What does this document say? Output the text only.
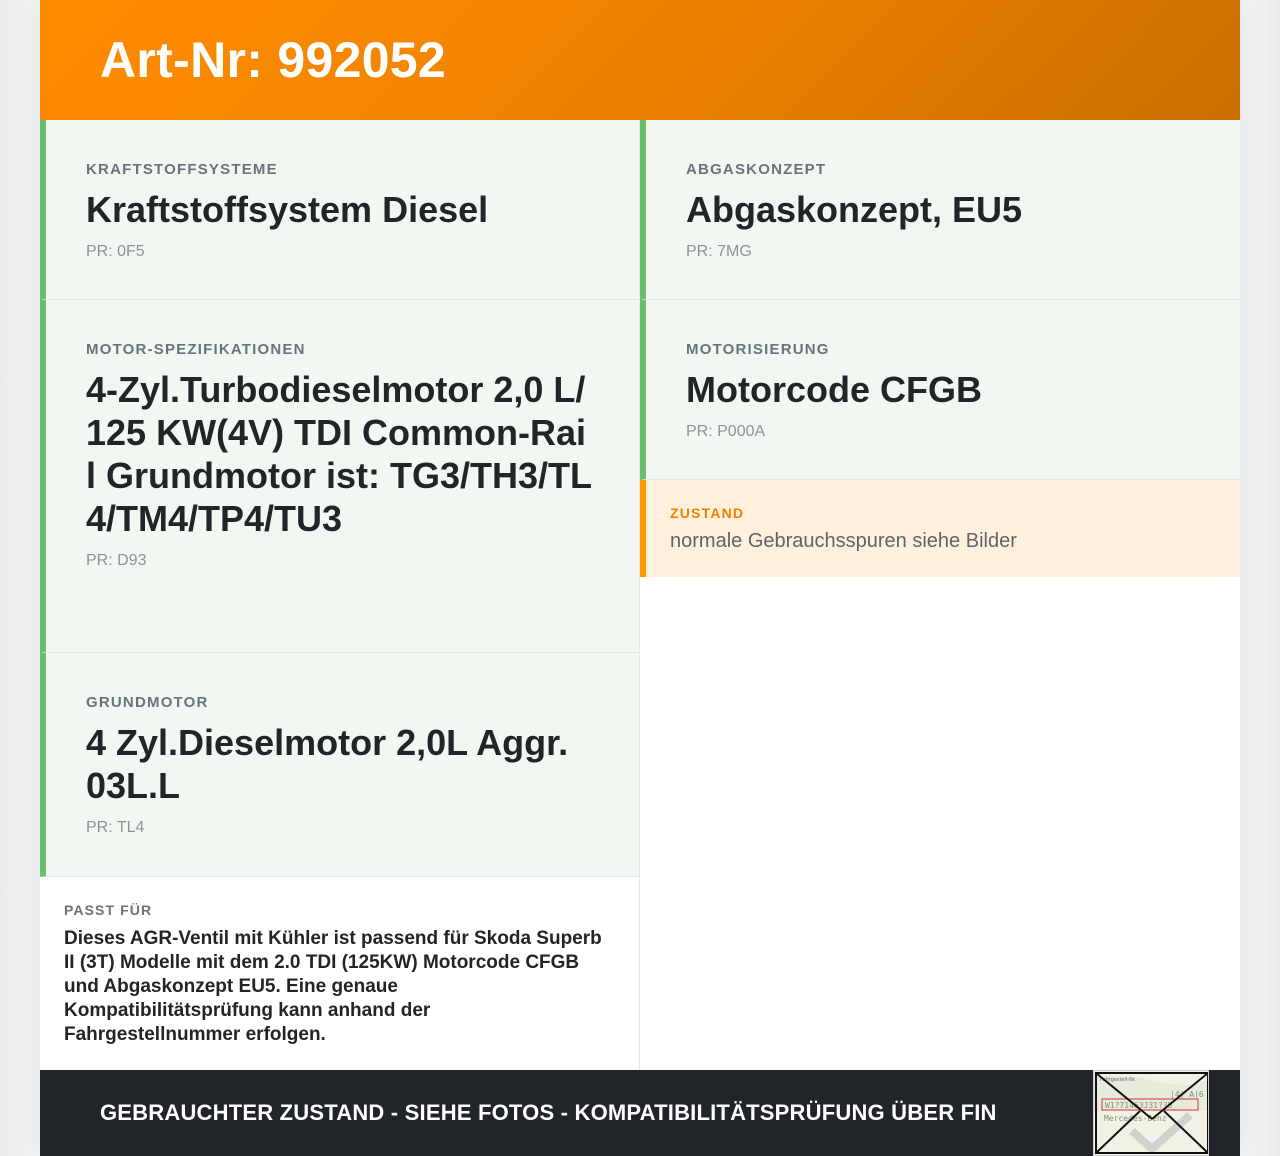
Art-Nr: 992052
KRAFTSTOFFSYSTEME
Kraftstoffsystem Diesel
PR: 0F5
MOTOR-SPEZIFIKATIONEN
4-Zyl.Turbodieselmotor 2,0 L/125 KW(4V) TDI Common-Rail Grundmotor ist: TG3/TH3/TL4/TM4/TP4/TU3
PR: D93
GRUNDMOTOR
4 Zyl.Dieselmotor 2,0L Aggr. 03L.L
PR: TL4
PASST FÜR
Dieses AGR-Ventil mit Kühler ist passend für Skoda Superb II (3T) Modelle mit dem 2.0 TDI (125KW) Motorcode CFGB und Abgaskonzept EU5. Eine genaue Kompatibilitätsprüfung kann anhand der Fahrgestellnummer erfolgen.
ABGASKONZEPT
Abgaskonzept, EU5
PR: 7MG
MOTORISIERUNG
Motorcode CFGB
PR: P000A
ZUSTAND
normale Gebrauchsspuren siehe Bilder
GEBRAUCHTER ZUSTAND - SIEHE FOTOS - KOMPATIBILITÄTSPRÜFUNG ÜBER FIN
Fahrgestell-Nr.
|4| A|6
W1?71463J31??5
Mercedes-Benz
